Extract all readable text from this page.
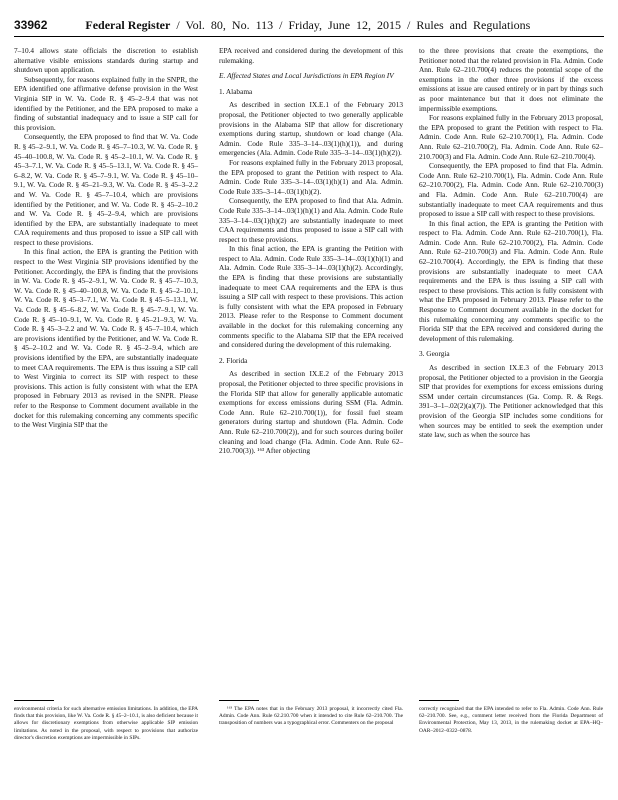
33962	Federal Register / Vol. 80, No. 113 / Friday, June 12, 2015 / Rules and Regulations

7–10.4 allows state officials the discretion to establish alternative visible emissions standards during startup and shutdown upon application.

Subsequently, for reasons explained fully in the SNPR, the EPA identified one affirmative defense provision in the West Virginia SIP in W. Va. Code R. § 45–2–9.4 that was not identified by the Petitioner, and the EPA proposed to make a finding of substantial inadequacy and to issue a SIP call for this provision.

Consequently, the EPA proposed to find that W. Va. Code R. § 45–2–9.1, W. Va. Code R. § 45–7–10.3, W. Va. Code R. § 45–40–100.8, W. Va. Code R. § 45–2–10.1, W. Va. Code R. § 45–3–7.1, W. Va. Code R. § 45–5–13.1, W. Va. Code R. § 45–6–8.2, W. Va. Code R. § 45–7–9.1, W. Va. Code R. § 45–10–9.1, W. Va. Code R. § 45–21–9.3, W. Va. Code R. § 45–3–2.2 and W. Va. Code R. § 45–7–10.4, which are provisions identified by the Petitioner, and W. Va. Code R. § 45–2–10.2 and W. Va. Code R. § 45–2–9.4, which are provisions identified by the EPA, are substantially inadequate to meet CAA requirements and thus proposed to issue a SIP call with respect to these provisions.

In this final action, the EPA is granting the Petition with respect to the West Virginia SIP provisions identified by the Petitioner. Accordingly, the EPA is finding that the provisions in W. Va. Code R. § 45–2–9.1, W. Va. Code R. § 45–7–10.3, W. Va. Code R. § 45–40–100.8, W. Va. Code R. § 45–2–10.1, W. Va. Code R. § 45–3–7.1, W. Va. Code R. § 45–5–13.1, W. Va. Code R. § 45–6–8.2, W. Va. Code R. § 45–7–9.1, W. Va. Code R. § 45–10–9.1, W. Va. Code R. § 45–21–9.3, W. Va. Code R. § 45–3–2.2 and W. Va. Code R. § 45–7–10.4, which are provisions identified by the Petitioner, and W. Va. Code R. § 45–2–10.2 and W. Va. Code R. § 45–2–9.4, which are provisions identified by the EPA, are substantially inadequate to meet CAA requirements. The EPA is thus issuing a SIP call to West Virginia to correct its SIP with respect to these provisions. This action is fully consistent with what the EPA proposed in February 2013 as revised in the SNPR. Please refer to the Response to Comment document available in the docket for this rulemaking concerning any comments specific to the West Virginia SIP that the

EPA received and considered during the development of this rulemaking.

E. Affected States and Local Jurisdictions in EPA Region IV

1. Alabama

As described in section IX.E.1 of the February 2013 proposal, the Petitioner objected to two generally applicable provisions in the Alabama SIP that allow for discretionary exemptions during startup, shutdown or load change (Ala. Admin. Code Rule 335–3–14–.03(1)(h)(1)), and during emergencies (Ala. Admin. Code Rule 335–3–14–.03(1)(h)(2)).

For reasons explained fully in the February 2013 proposal, the EPA proposed to grant the Petition with respect to Ala. Admin. Code Rule 335–3–14–.03(1)(h)(1) and Ala. Admin. Code Rule 335–3–14–.03(1)(h)(2).

Consequently, the EPA proposed to find that Ala. Admin. Code Rule 335–3–14–.03(1)(h)(1) and Ala. Admin. Code Rule 335–3–14–.03(1)(h)(2) are substantially inadequate to meet CAA requirements and thus proposed to issue a SIP call with respect to these provisions.

In this final action, the EPA is granting the Petition with respect to Ala. Admin. Code Rule 335–3–14–.03(1)(h)(1) and Ala. Admin. Code Rule 335–3–14–.03(1)(h)(2). Accordingly, the EPA is finding that these provisions are substantially inadequate to meet CAA requirements and the EPA is thus issuing a SIP call with respect to these provisions. This action is fully consistent with what the EPA proposed in February 2013. Please refer to the Response to Comment document available in the docket for this rulemaking concerning any comments specific to the Alabama SIP that the EPA received and considered during the development of this rulemaking.

2. Florida

As described in section IX.E.2 of the February 2013 proposal, the Petitioner objected to three specific provisions in the Florida SIP that allow for generally applicable automatic exemptions for excess emissions during SSM (Fla. Admin. Code Ann. Rule 62–210.700(1)), for fossil fuel steam generators during startup and shutdown (Fla. Admin. Code Ann. Rule 62–210.700(2)), and for such sources during boiler cleaning and load change (Fla. Admin. Code Ann. Rule 62–210.700(3)). ¹⁶³ After objecting

to the three provisions that create the exemptions, the Petitioner noted that the related provision in Fla. Admin. Code Ann. Rule 62–210.700(4) reduces the potential scope of the exemptions in the other three provisions if the excess emissions at issue are caused entirely or in part by things such as poor maintenance but that it does not eliminate the impermissible exemptions.

For reasons explained fully in the February 2013 proposal, the EPA proposed to grant the Petition with respect to Fla. Admin. Code Ann. Rule 62–210.700(1), Fla. Admin. Code Ann. Rule 62–210.700(2), Fla. Admin. Code Ann. Rule 62–210.700(3) and Fla. Admin. Code Ann. Rule 62–210.700(4).

Consequently, the EPA proposed to find that Fla. Admin. Code Ann. Rule 62–210.700(1), Fla. Admin. Code Ann. Rule 62–210.700(2), Fla. Admin. Code Ann. Rule 62–210.700(3) and Fla. Admin. Code Ann. Rule 62–210.700(4) are substantially inadequate to meet CAA requirements and thus proposed to issue a SIP call with respect to these provisions.

In this final action, the EPA is granting the Petition with respect to Fla. Admin. Code Ann. Rule 62–210.700(1), Fla. Admin. Code Ann. Rule 62–210.700(2), Fla. Admin. Code Ann. Rule 62–210.700(3) and Fla. Admin. Code Ann. Rule 62–210.700(4). Accordingly, the EPA is finding that these provisions are substantially inadequate to meet CAA requirements and the EPA is thus issuing a SIP call with respect to these provisions. This action is fully consistent with what the EPA proposed in February 2013. Please refer to the Response to Comment document available in the docket for this rulemaking concerning any comments specific to the Florida SIP that the EPA received and considered during the development of this rulemaking.

3. Georgia

As described in section IX.E.3 of the February 2013 proposal, the Petitioner objected to a provision in the Georgia SIP that provides for exemptions for excess emissions during SSM under certain circumstances (Ga. Comp. R. & Regs. 391–3–1–.02(2)(a)(7)). The Petitioner acknowledged that this provision of the Georgia SIP includes some conditions for when sources may be entitled to seek the exemption under state law, such as when the source has

environmental criteria for such alternative emission limitations. In addition, the EPA finds that this provision, like W. Va. Code R. § 45–2–10.1, is also deficient because it allows for discretionary exemptions from otherwise applicable SIP emission limitations. As noted in the proposal, with respect to provisions that authorize director's discretion exemptions are impermissible in SIPs.

¹⁶³ The EPA notes that in the February 2013 proposal, it incorrectly cited Fla. Admin. Code Ann. Rule 62.210.700 when it intended to cite Rule 62–210.700. The transposition of numbers was a typographical error. Commenters on the proposal

correctly recognized that the EPA intended to refer to Fla. Admin. Code Ann. Rule 62–210.700. See, e.g., comment letter received from the Florida Department of Environmental Protection, May 13, 2013, in the rulemaking docket at EPA–HQ–OAR–2012–0322–0878.
